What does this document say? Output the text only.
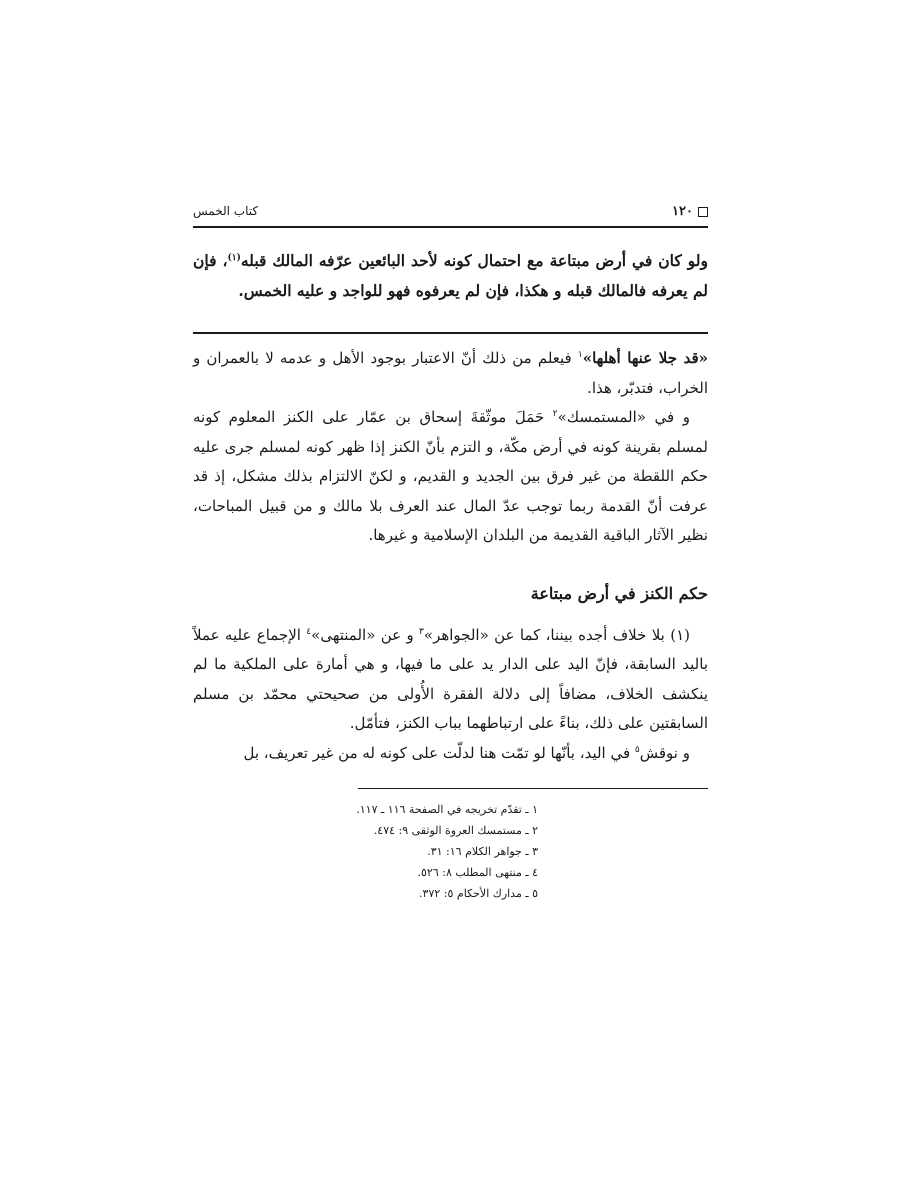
١٢٠
كتاب الخمس
ولو كان في أرض مبتاعة مع احتمال كونه لأحد البائعين عرّفه المالك قبله$^{(١)}$، فإن لم يعرفه فالمالك قبله و هكذا، فإن لم يعرفوه فهو للواجد و عليه الخمس.

«قد جلا عنها أهلها»$^١$ فيعلم من ذلك أنّ الاعتبار بوجود الأهل و عدمه لا بالعمران و الخراب، فتدبّر، هذا.

و في «المستمسك»$^٢$ حَمَلَ موثّقةَ إسحاق بن عمّار على الكنز المعلوم كونه لمسلم بقرينة كونه في أرض مكّة، و التزم بأنّ الكنز إذا ظهر كونه لمسلم جرى عليه حكم اللقطة من غير فرق بين الجديد و القديم، و لكنّ الالتزام بذلك مشكل، إذ قد عرفت أنّ القدمة ربما توجب عدّ المال عند العرف بلا مالك و من قبيل المباحات، نظير الآثار الباقية القديمة من البلدان الإسلامية و غيرها.

حكم الكنز في أرض مبتاعة

(١) بلا خلاف أجده بيننا، كما عن «الجواهر»$^٣$ و عن «المنتهى»$^٤$ الإجماع عليه عملاً باليد السابقة، فإنّ اليد على الدار يد على ما فيها، و هي أمارة على الملكية ما لم ينكشف الخلاف، مضافاً إلى دلالة الفقرة الأُولى من صحيحتي محمّد بن مسلم السابقتين على ذلك، بناءً على ارتباطهما بباب الكنز، فتأمّل.

و نوقش$^٥$ في اليد، بأنّها لو تمّت هنا لدلّت على كونه له من غير تعريف، بل

١ ـ تقدّم تخريجه في الصفحة ١١٦ ـ ١١٧.
٢ ـ مستمسك العروة الوثقى ٩: ٤٧٤.
٣ ـ جواهر الكلام ١٦: ٣١.
٤ ـ منتهى المطلب ٨: ٥٢٦.
٥ ـ مدارك الأحكام ٥: ٣٧٢.
